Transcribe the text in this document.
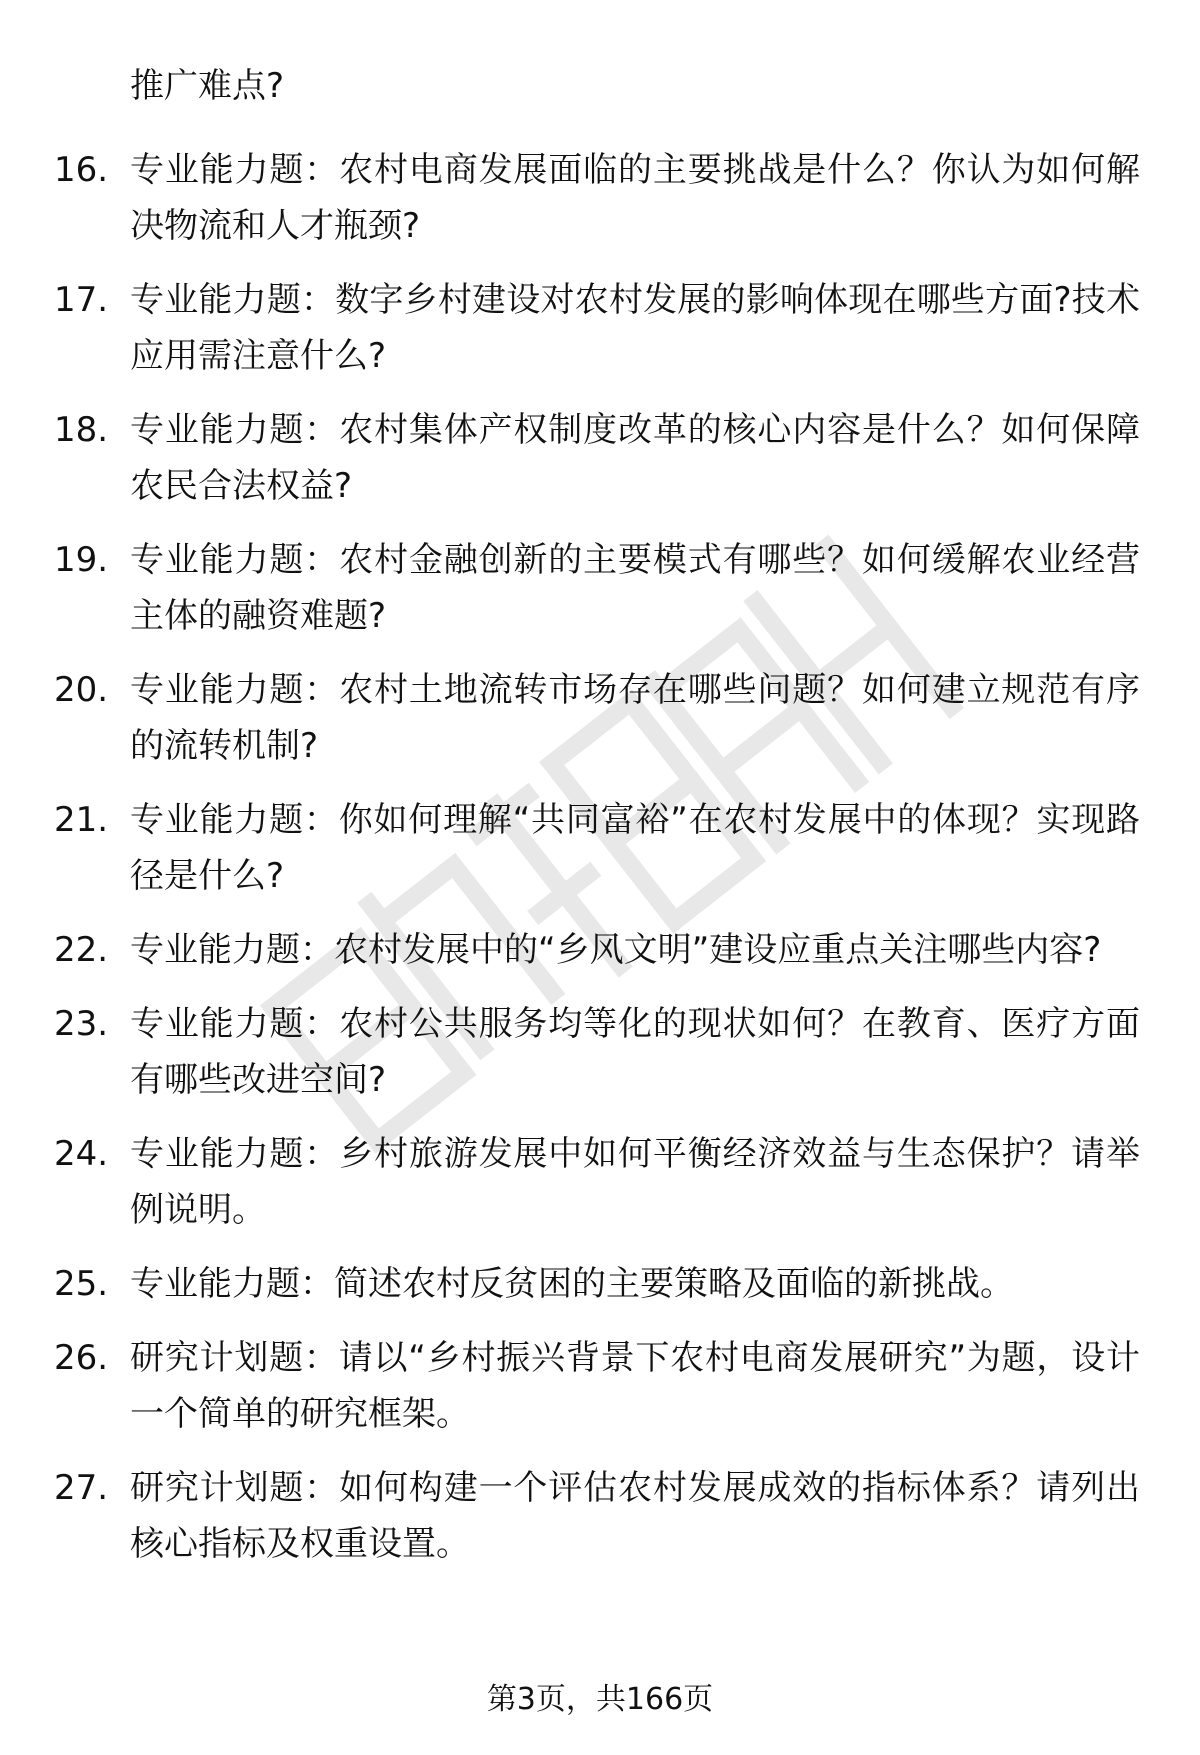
推广难点?
16. 专业能力题：农村电商发展面临的主要挑战是什么？你认为如何解决物流和人才瓶颈?
17. 专业能力题：数字乡村建设对农村发展的影响体现在哪些方面?技术应用需注意什么?
18. 专业能力题：农村集体产权制度改革的核心内容是什么？如何保障农民合法权益?
19. 专业能力题：农村金融创新的主要模式有哪些？如何缓解农业经营主体的融资难题?
20. 专业能力题：农村土地流转市场存在哪些问题？如何建立规范有序的流转机制?
21. 专业能力题：你如何理解“共同富裕”在农村发展中的体现？实现路径是什么?
22. 专业能力题：农村发展中的“乡风文明”建设应重点关注哪些内容?
23. 专业能力题：农村公共服务均等化的现状如何？在教育、医疗方面有哪些改进空间?
24. 专业能力题：乡村旅游发展中如何平衡经济效益与生态保护？请举例说明。
25. 专业能力题：简述农村反贫困的主要策略及面临的新挑战。
26. 研究计划题：请以“乡村振兴背景下农村电商发展研究”为题，设计一个简单的研究框架。
27. 研究计划题：如何构建一个评估农村发展成效的指标体系？请列出核心指标及权重设置。
第3页，共166页
